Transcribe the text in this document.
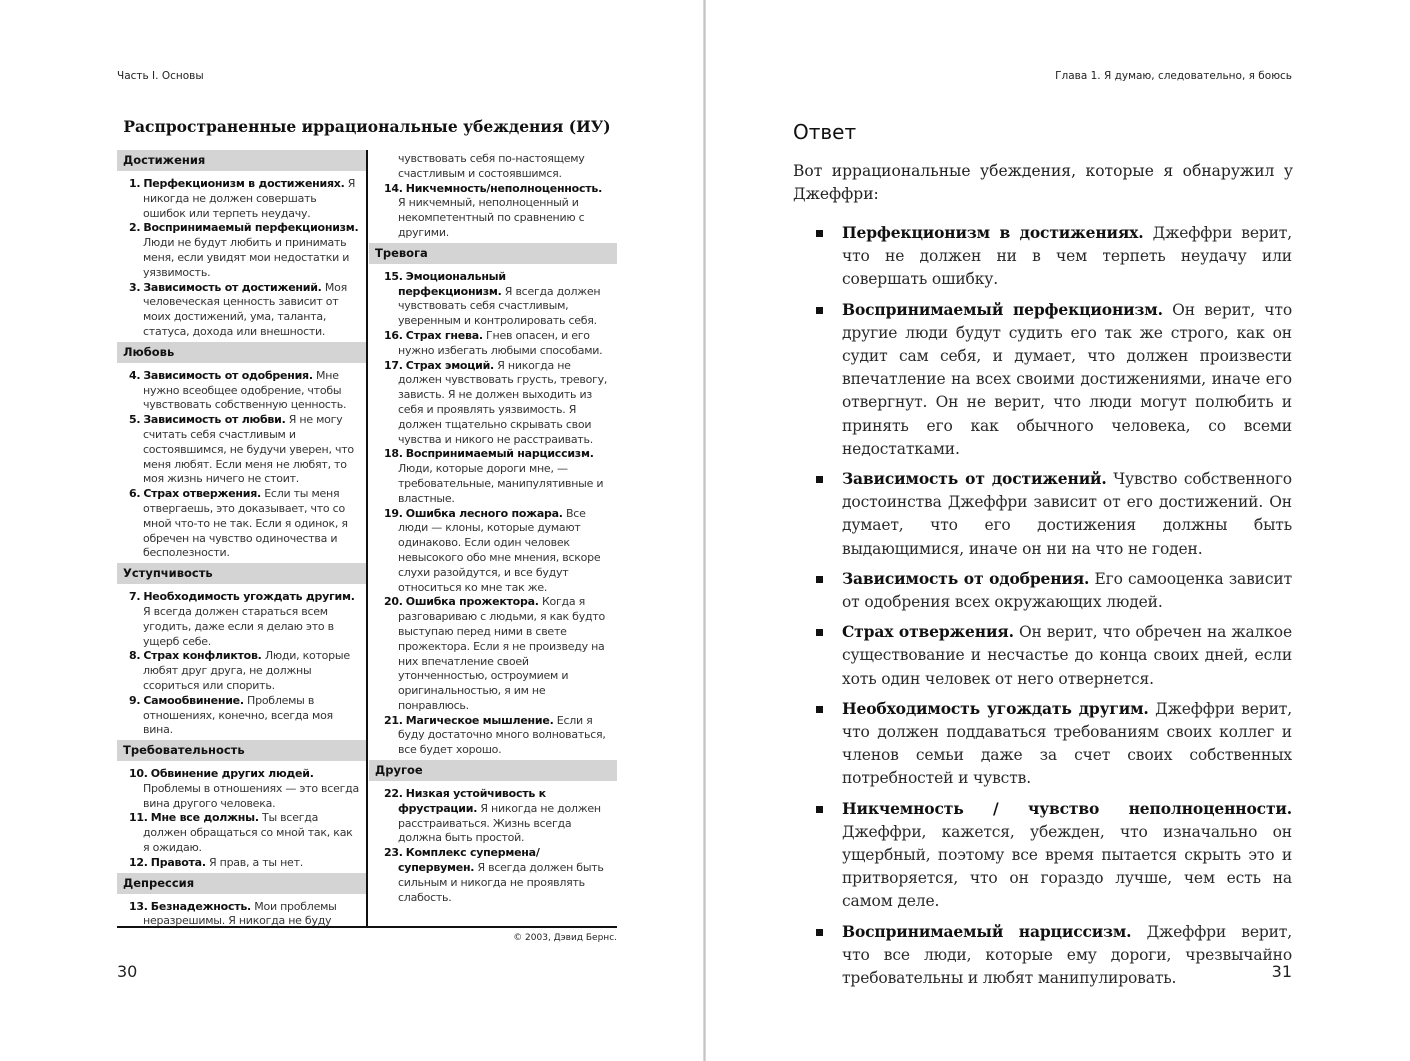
Часть I. Основы
Распространенные иррациональные убеждения (ИУ)
Достижения
1. Перфекционизм в достижениях. Я никогда не должен совершать ошибок или терпеть неудачу.
2. Воспринимаемый перфекционизм. Люди не будут любить и принимать меня, если увидят мои недостатки и уязвимость.
3. Зависимость от достижений. Моя человеческая ценность зависит от моих достижений, ума, таланта, статуса, дохода или внешности.
Любовь
4. Зависимость от одобрения. Мне нужно всеобщее одобрение, чтобы чувствовать собственную ценность.
5. Зависимость от любви. Я не могу считать себя счастливым и состоявшимся, не будучи уверен, что меня любят. Если меня не любят, то моя жизнь ничего не стоит.
6. Страх отвержения. Если ты меня отвергаешь, это доказывает, что со мной что-то не так. Если я одинок, я обречен на чувство одиночества и бесполезности.
Уступчивость
7. Необходимость угождать другим. Я всегда должен стараться всем угодить, даже если я делаю это в ущерб себе.
8. Страх конфликтов. Люди, которые любят друг друга, не должны ссориться или спорить.
9. Самообвинение. Проблемы в отношениях, конечно, всегда моя вина.
Требовательность
10. Обвинение других людей. Проблемы в отношениях — это всегда вина другого человека.
11. Мне все должны. Ты всегда должен обращаться со мной так, как я ожидаю.
12. Правота. Я прав, а ты нет.
Депрессия
13. Безнадежность. Мои проблемы неразрешимы. Я никогда не буду
чувствовать себя по-настоящему счастливым и состоявшимся.
14. Никчемность/неполноценность. Я никчемный, неполноценный и некомпетентный по сравнению с другими.
Тревога
15. Эмоциональный перфекционизм. Я всегда должен чувствовать себя счастливым, уверенным и контролировать себя.
16. Страх гнева. Гнев опасен, и его нужно избегать любыми способами.
17. Страх эмоций. Я никогда не должен чувствовать грусть, тревогу, зависть. Я не должен выходить из себя и проявлять уязвимость. Я должен тщательно скрывать свои чувства и никого не расстраивать.
18. Воспринимаемый нарциссизм. Люди, которые дороги мне, — требовательные, манипулятивные и властные.
19. Ошибка лесного пожара. Все люди — клоны, которые думают одинаково. Если один человек невысокого обо мне мнения, вскоре слухи разойдутся, и все будут относиться ко мне так же.
20. Ошибка прожектора. Когда я разговариваю с людьми, я как будто выступаю перед ними в свете прожектора. Если я не произведу на них впечатление своей утонченностью, остроумием и оригинальностью, я им не понравлюсь.
21. Магическое мышление. Если я буду достаточно много волноваться, все будет хорошо.
Другое
22. Низкая устойчивость к фрустрации. Я никогда не должен расстраиваться. Жизнь всегда должна быть простой.
23. Комплекс супермена/супервумен. Я всегда должен быть сильным и никогда не проявлять слабость.
© 2003, Дэвид Бернс.
30
Глава 1. Я думаю, следовательно, я боюсь
Ответ
Вот иррациональные убеждения, которые я обнаружил у Джеффри:
Перфекционизм в достижениях. Джеффри верит, что не должен ни в чем терпеть неудачу или совершать ошибку.
Воспринимаемый перфекционизм. Он верит, что другие люди будут судить его так же строго, как он судит сам себя, и думает, что должен произвести впечатление на всех своими достижениями, иначе его отвергнут. Он не верит, что люди могут полюбить и принять его как обычного человека, со всеми недостатками.
Зависимость от достижений. Чувство собственного достоинства Джеффри зависит от его достижений. Он думает, что его достижения должны быть выдающимися, иначе он ни на что не годен.
Зависимость от одобрения. Его самооценка зависит от одобрения всех окружающих людей.
Страх отвержения. Он верит, что обречен на жалкое существование и несчастье до конца своих дней, если хоть один человек от него отвернется.
Необходимость угождать другим. Джеффри верит, что должен поддаваться требованиям своих коллег и членов семьи даже за счет своих собственных потребностей и чувств.
Никчемность / чувство неполноценности. Джеффри, кажется, убежден, что изначально он ущербный, поэтому все время пытается скрыть это и притворяется, что он гораздо лучше, чем есть на самом деле.
Воспринимаемый нарциссизм. Джеффри верит, что все люди, которые ему дороги, чрезвычайно требовательны и любят манипулировать.	31
